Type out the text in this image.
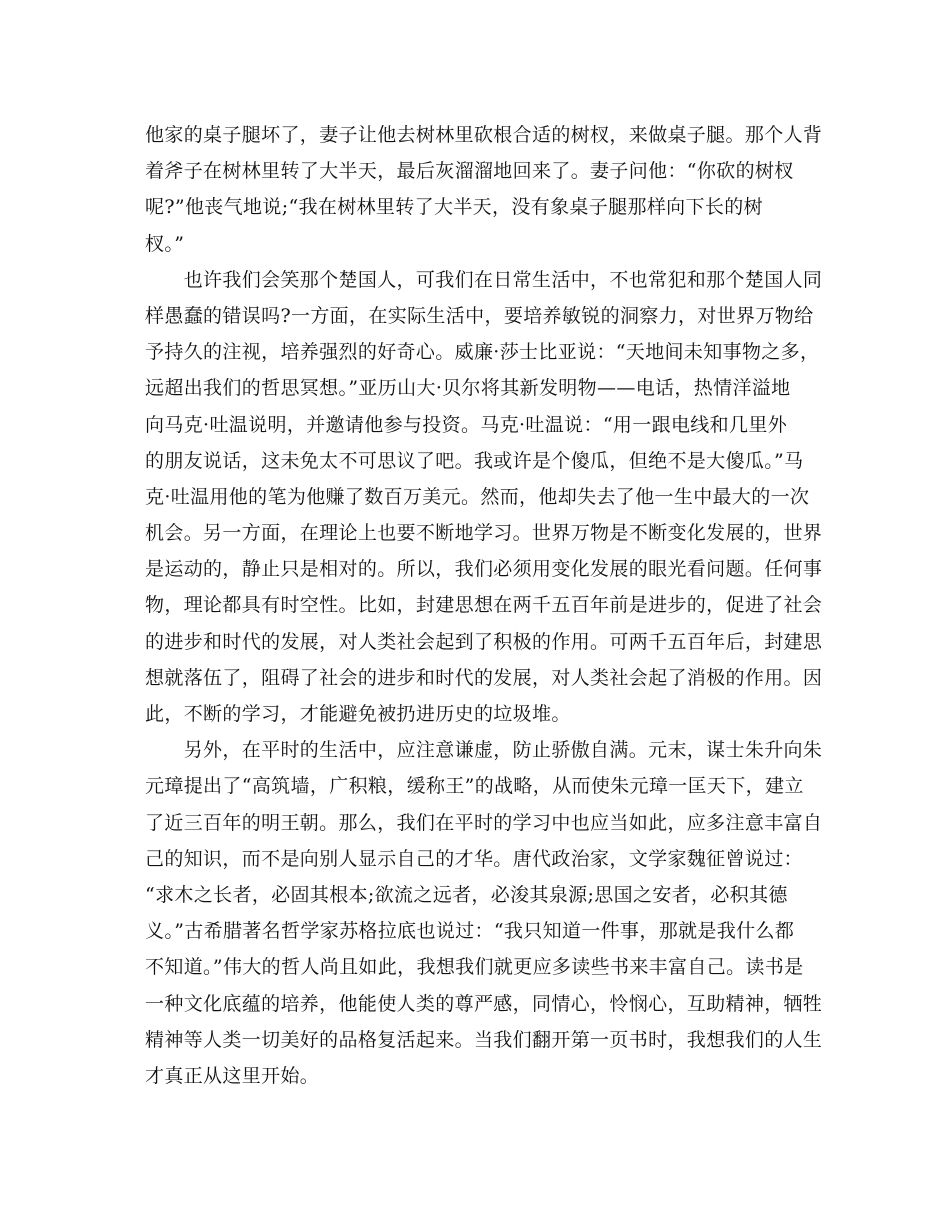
他家的桌子腿坏了，妻子让他去树林里砍根合适的树杈，来做桌子腿。那个人背
着斧子在树林里转了大半天，最后灰溜溜地回来了。妻子问他：“你砍的树杈
呢?”他丧气地说;“我在树林里转了大半天，没有象桌子腿那样向下长的树
杈。”
　　也许我们会笑那个楚国人，可我们在日常生活中，不也常犯和那个楚国人同
样愚蠢的错误吗?一方面，在实际生活中，要培养敏锐的洞察力，对世界万物给
予持久的注视，培养强烈的好奇心。威廉·莎士比亚说：“天地间未知事物之多，
远超出我们的哲思冥想。”亚历山大·贝尔将其新发明物——电话，热情洋溢地
向马克·吐温说明，并邀请他参与投资。马克·吐温说：“用一跟电线和几里外
的朋友说话，这未免太不可思议了吧。我或许是个傻瓜，但绝不是大傻瓜。”马
克·吐温用他的笔为他赚了数百万美元。然而，他却失去了他一生中最大的一次
机会。另一方面，在理论上也要不断地学习。世界万物是不断变化发展的，世界
是运动的，静止只是相对的。所以，我们必须用变化发展的眼光看问题。任何事
物，理论都具有时空性。比如，封建思想在两千五百年前是进步的，促进了社会
的进步和时代的发展，对人类社会起到了积极的作用。可两千五百年后，封建思
想就落伍了，阻碍了社会的进步和时代的发展，对人类社会起了消极的作用。因
此，不断的学习，才能避免被扔进历史的垃圾堆。
　　另外，在平时的生活中，应注意谦虚，防止骄傲自满。元末，谋士朱升向朱
元璋提出了“高筑墙，广积粮，缓称王”的战略，从而使朱元璋一匡天下，建立
了近三百年的明王朝。那么，我们在平时的学习中也应当如此，应多注意丰富自
己的知识，而不是向别人显示自己的才华。唐代政治家，文学家魏征曾说过：
“求木之长者，必固其根本;欲流之远者，必浚其泉源;思国之安者，必积其德
义。”古希腊著名哲学家苏格拉底也说过：“我只知道一件事，那就是我什么都
不知道。”伟大的哲人尚且如此，我想我们就更应多读些书来丰富自己。读书是
一种文化底蕴的培养，他能使人类的尊严感，同情心，怜悯心，互助精神，牺牲
精神等人类一切美好的品格复活起来。当我们翻开第一页书时，我想我们的人生
才真正从这里开始。
